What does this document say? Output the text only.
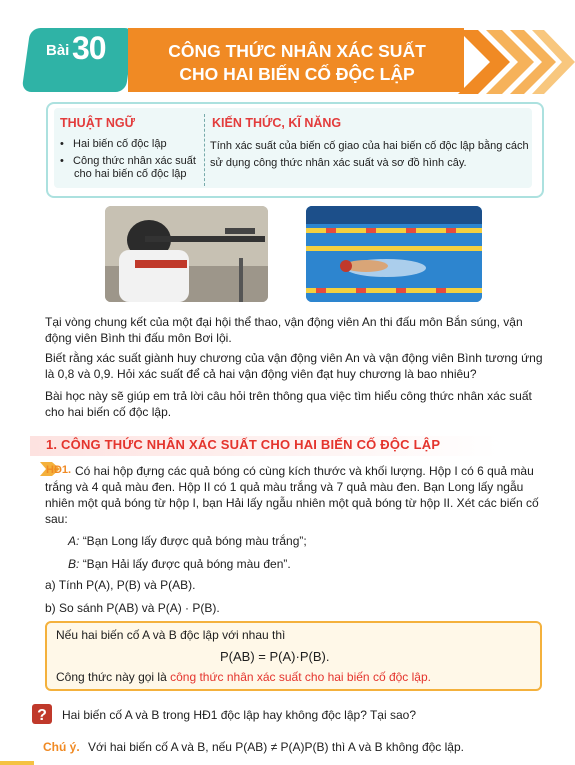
Bài 30	CÔNG THỨC NHÂN XÁC SUẤT
CHO HAI BIẾN CỐ ĐỘC LẬP
THUẬT NGỮ
•   Hai biến cố độc lập
•   Công thức nhân xác suất
cho hai biến cố độc lập
KIẾN THỨC, KĨ NĂNG
Tính xác suất của biến cố giao của hai biến cố độc lập bằng cách sử dụng công thức nhân xác suất và sơ đồ hình cây.
Tại vòng chung kết của một đại hội thể thao, vận động viên An thi đấu môn Bắn súng, vận động viên Bình thi đấu môn Bơi lội.
Biết rằng xác suất giành huy chương của vận động viên An và vận động viên Bình tương ứng là 0,8 và 0,9. Hỏi xác suất để cả hai vận động viên đạt huy chương là bao nhiêu?
Bài học này sẽ giúp em trả lời câu hỏi trên thông qua việc tìm hiểu công thức nhân xác suất cho hai biến cố độc lập.
1. CÔNG THỨC NHÂN XÁC SUẤT CHO HAI BIẾN CỐ ĐỘC LẬP
HĐ1. Có hai hộp đựng các quả bóng có cùng kích thước và khối lượng. Hộp I có 6 quả màu trắng và 4 quả màu đen. Hộp II có 1 quả màu trắng và 7 quả màu đen. Bạn Long lấy ngẫu nhiên một quả bóng từ hộp I, bạn Hải lấy ngẫu nhiên một quả bóng từ hộp II. Xét các biến cố sau:
A: “Bạn Long lấy được quả bóng màu trắng”;
B: “Bạn Hải lấy được quả bóng màu đen”.
a) Tính P(A), P(B) và P(AB).
b) So sánh P(AB) và P(A) · P(B).
Nếu hai biến cố A và B độc lập với nhau thì
P(AB) = P(A)·P(B).
Công thức này gọi là công thức nhân xác suất cho hai biến cố độc lập.
? Hai biến cố A và B trong HĐ1 độc lập hay không độc lập? Tại sao?
Chú ý. Với hai biến cố A và B, nếu P(AB) ≠ P(A)P(B) thì A và B không độc lập.
